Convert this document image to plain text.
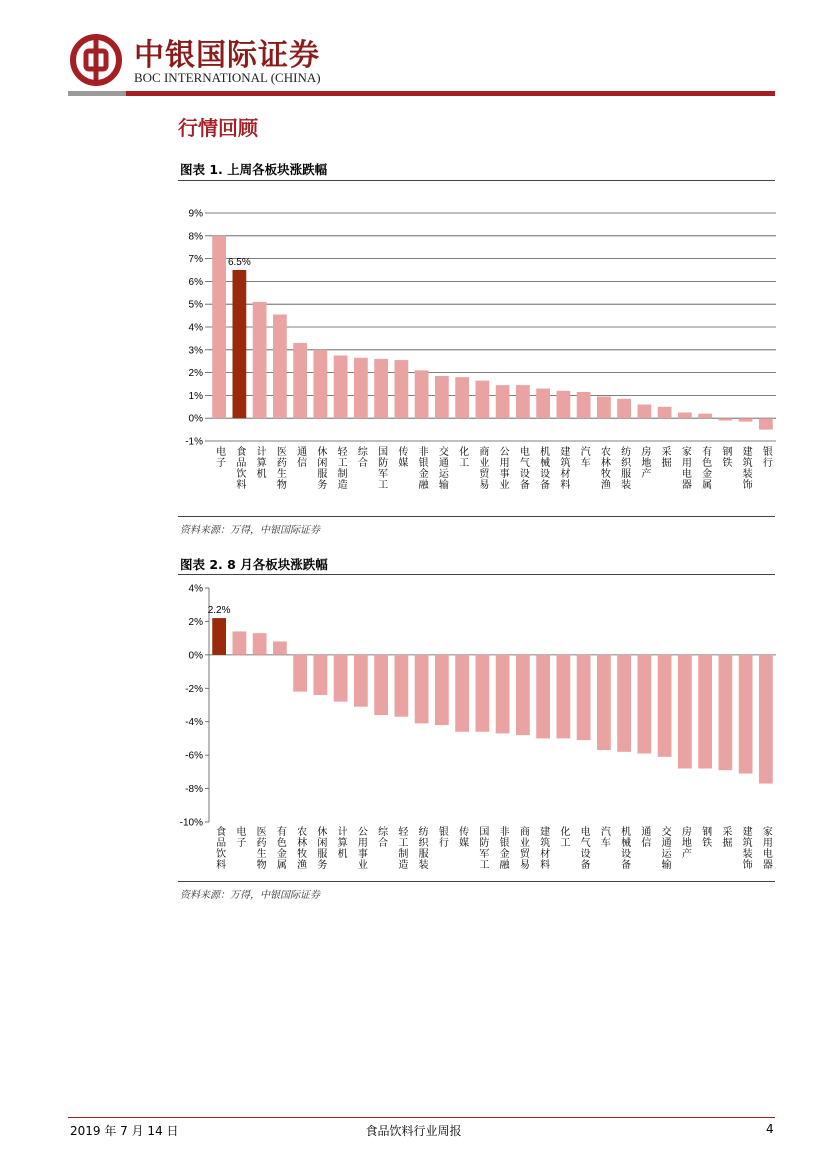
中银国际证券
BOC INTERNATIONAL (CHINA)
行情回顾
图表 1. 上周各板块涨跌幅
-1%
0%
1%
2%
3%
4%
5%
6%
7%
8%
9%
6.5%
电子 食品饮料 计算机 医药生物 通信 休闲服务 轻工制造 综合 国防军工 传媒 非银金融 交通运输 化工 商业贸易 公用事业 电气设备 机械设备 建筑材料 汽车 农林牧渔 纺织服装 房地产 采掘 家用电器 有色金属 钢铁 建筑装饰 银行
资料来源：万得，中银国际证券
图表 2. 8 月各板块涨跌幅
-10%
-8%
-6%
-4%
-2%
0%
2%
4%
2.2%
食品饮料 电子 医药生物 有色金属 农林牧渔 休闲服务 计算机 公用事业 综合 轻工制造 纺织服装 银行 传媒 国防军工 非银金融 商业贸易 建筑材料 化工 电气设备 汽车 机械设备 通信 交通运输 房地产 钢铁 采掘 建筑装饰 家用电器
资料来源：万得，中银国际证券
2019 年 7 月 14 日	食品饮料行业周报	4
